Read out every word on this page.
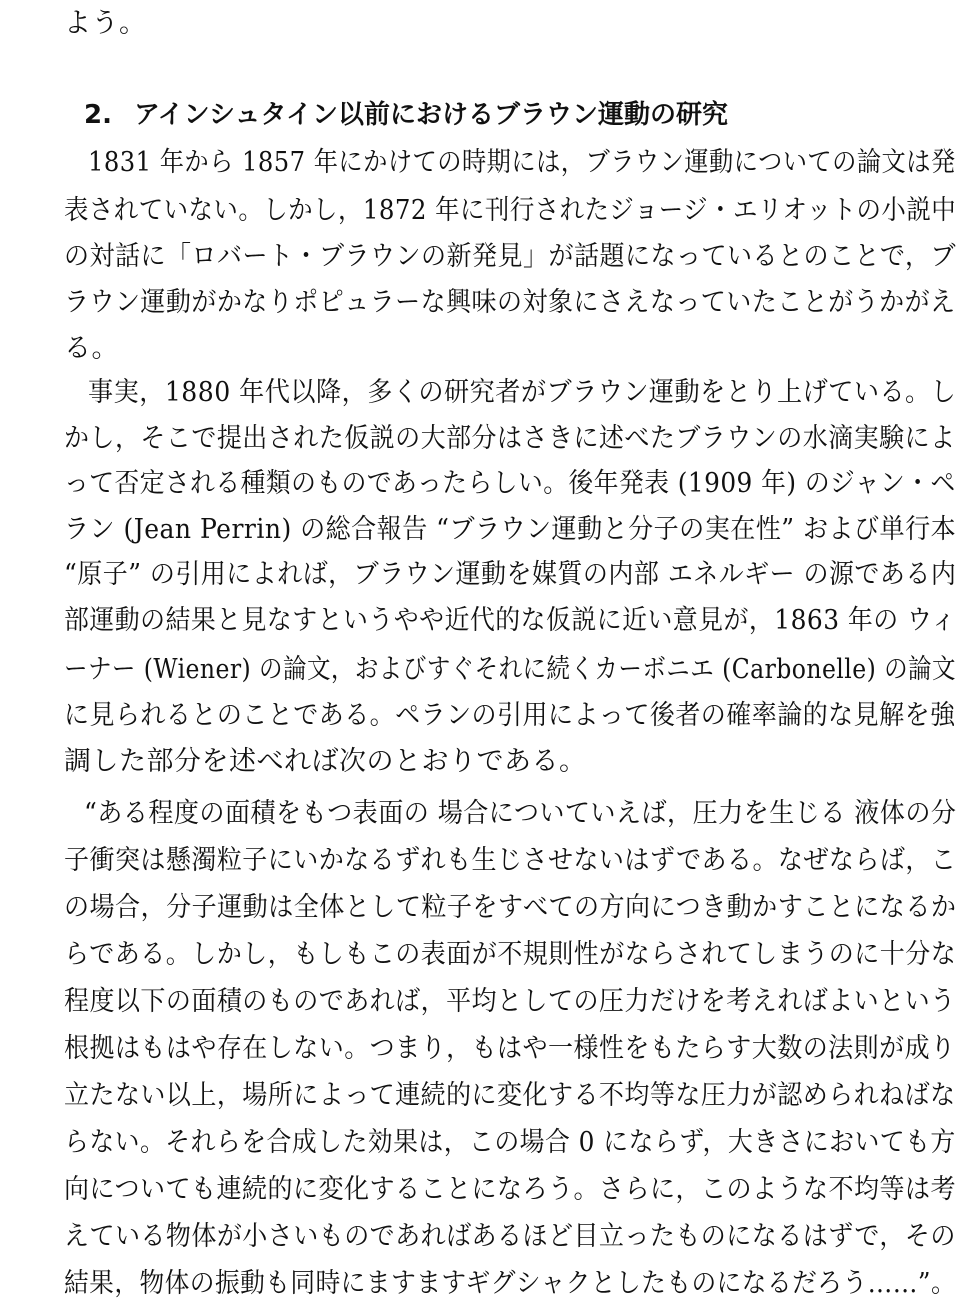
よう。
2. アインシュタイン以前におけるブラウン運動の研究
1831 年から 1857 年にかけての時期には，ブラウン運動についての論文は発
表されていない。しかし，1872 年に刊行されたジョージ・エリオットの小説中
の対話に「ロバート・ブラウンの新発見」が話題になっているとのことで，ブ
ラウン運動がかなりポピュラーな興味の対象にさえなっていたことがうかがえ
る。
事実，1880 年代以降，多くの研究者がブラウン運動をとり上げている。し
かし，そこで提出された仮説の大部分はさきに述べたブラウンの水滴実験によ
って否定される種類のものであったらしい。後年発表 (1909 年) のジャン・ペ
ラン (Jean Perrin) の総合報告 “ブラウン運動と分子の実在性” および単行本
“原子” の引用によれば，ブラウン運動を媒質の内部 エネルギー の源である内
部運動の結果と見なすというやや近代的な仮説に近い意見が，1863 年の ウィ
ーナー (Wiener) の論文，およびすぐそれに続くカーボニエ (Carbonelle) の論文
に見られるとのことである。ペランの引用によって後者の確率論的な見解を強
調した部分を述べれば次のとおりである。
“ある程度の面積をもつ表面の 場合についていえば，圧力を生じる 液体の分
子衝突は懸濁粒子にいかなるずれも生じさせないはずである。なぜならば，こ
の場合，分子運動は全体として粒子をすべての方向につき動かすことになるか
らである。しかし，もしもこの表面が不規則性がならされてしまうのに十分な
程度以下の面積のものであれば，平均としての圧力だけを考えればよいという
根拠はもはや存在しない。つまり，もはや一様性をもたらす大数の法則が成り
立たない以上，場所によって連続的に変化する不均等な圧力が認められねばな
らない。それらを合成した効果は，この場合 0 にならず，大きさにおいても方
向についても連続的に変化することになろう。さらに，このような不均等は考
えている物体が小さいものであればあるほど目立ったものになるはずで，その
結果，物体の振動も同時にますますギグシャクとしたものになるだろう……”。
